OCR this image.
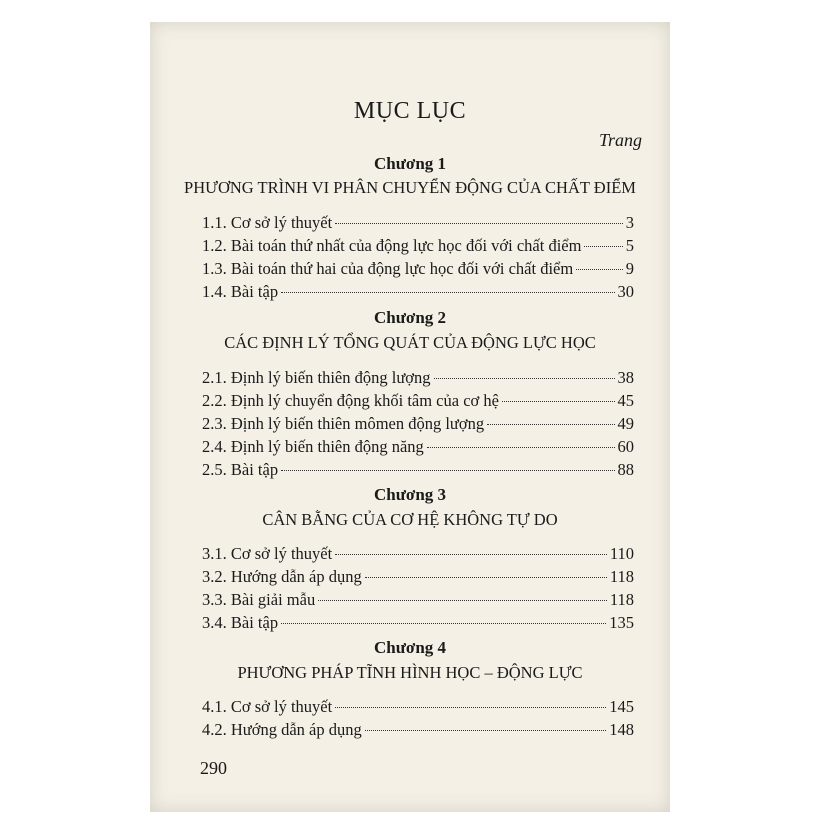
MỤC LỤC
Trang
Chương 1
PHƯƠNG TRÌNH VI PHÂN CHUYỂN ĐỘNG CỦA CHẤT ĐIỂM
1.1. Cơ sở lý thuyết	3
1.2. Bài toán thứ nhất của động lực học đối với chất điểm	5
1.3. Bài toán thứ hai của động lực học đối với chất điểm	9
1.4. Bài tập	30
Chương 2
CÁC ĐỊNH LÝ TỔNG QUÁT CỦA ĐỘNG LỰC HỌC
2.1. Định lý biến thiên động lượng	38
2.2. Định lý chuyển động khối tâm của cơ hệ	45
2.3. Định lý biến thiên mômen động lượng	49
2.4. Định lý biến thiên động năng	60
2.5. Bài tập	88
Chương 3
CÂN BẰNG CỦA CƠ HỆ KHÔNG TỰ DO
3.1. Cơ sở lý thuyết	110
3.2. Hướng dẫn áp dụng	118
3.3. Bài giải mẫu	118
3.4. Bài tập	135
Chương 4
PHƯƠNG PHÁP TĨNH HÌNH HỌC – ĐỘNG LỰC
4.1. Cơ sở lý thuyết	145
4.2. Hướng dẫn áp dụng	148
290
